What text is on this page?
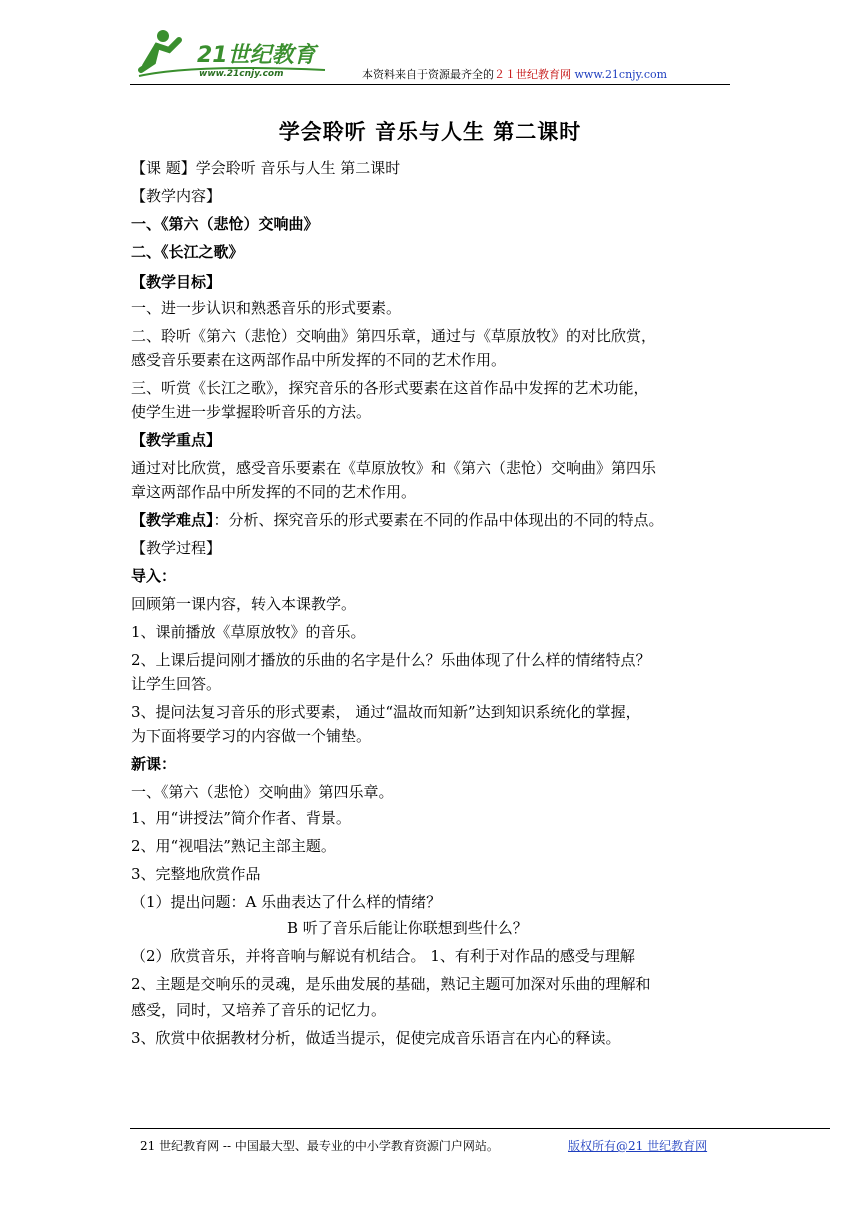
21世纪教育
www.21cnjy.com	本资料来自于资源最齐全的２１世纪教育网 www.21cnjy.com
学会聆听 音乐与人生 第二课时
【课 题】学会聆听 音乐与人生 第二课时
【教学内容】
一、《第六（悲怆）交响曲》
二、《长江之歌》
【教学目标】
一、进一步认识和熟悉音乐的形式要素。
二、聆听《第六（悲怆）交响曲》第四乐章，通过与《草原放牧》的对比欣赏，
感受音乐要素在这两部作品中所发挥的不同的艺术作用。
三、听赏《长江之歌》，探究音乐的各形式要素在这首作品中发挥的艺术功能，
使学生进一步掌握聆听音乐的方法。
【教学重点】
通过对比欣赏，感受音乐要素在《草原放牧》和《第六（悲怆）交响曲》第四乐
章这两部作品中所发挥的不同的艺术作用。
【教学难点】：分析、探究音乐的形式要素在不同的作品中体现出的不同的特点。
【教学过程】
导入：
回顾第一课内容，转入本课教学。
1、课前播放《草原放牧》的音乐。
2、上课后提问刚才播放的乐曲的名字是什么？乐曲体现了什么样的情绪特点？
让学生回答。
3、提问法复习音乐的形式要素， 通过“温故而知新”达到知识系统化的掌握，
为下面将要学习的内容做一个铺垫。
新课：
一、《第六（悲怆）交响曲》第四乐章。
1、用“讲授法”简介作者、背景。
2、用“视唱法”熟记主部主题。
3、完整地欣赏作品
（1）提出问题：A 乐曲表达了什么样的情绪？
B 听了音乐后能让你联想到些什么？
（2）欣赏音乐，并将音响与解说有机结合。 1、有利于对作品的感受与理解
2、主题是交响乐的灵魂，是乐曲发展的基础，熟记主题可加深对乐曲的理解和
感受，同时，又培养了音乐的记忆力。
3、欣赏中依据教材分析，做适当提示，促使完成音乐语言在内心的释读。
21 世纪教育网 -- 中国最大型、最专业的中小学教育资源门户网站。	版权所有@21 世纪教育网
